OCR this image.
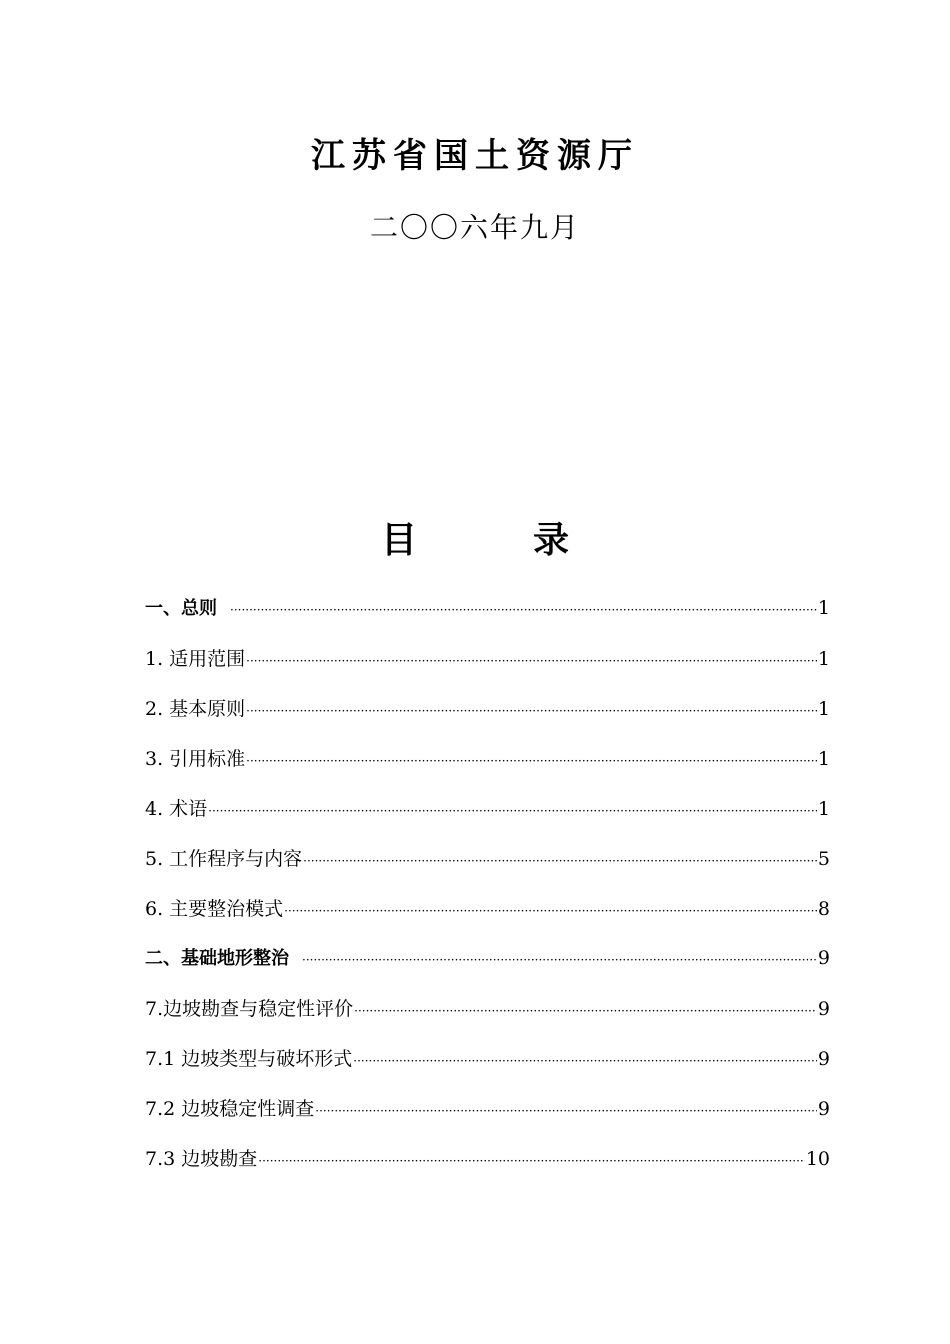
江苏省国土资源厅
二〇〇六年九月
目	录
一、总则 ·····	1
1. 适用范围 ·····	1
2. 基本原则 ·····	1
3. 引用标准 ·····	1
4. 术语 ·····	1
5. 工作程序与内容 ·····	5
6. 主要整治模式 ·····	8
二、基础地形整治 ·····	9
7.边坡勘查与稳定性评价 ·····	9
7.1 边坡类型与破坏形式 ·····	9
7.2 边坡稳定性调查 ·····	9
7.3 边坡勘查 ·····	10
